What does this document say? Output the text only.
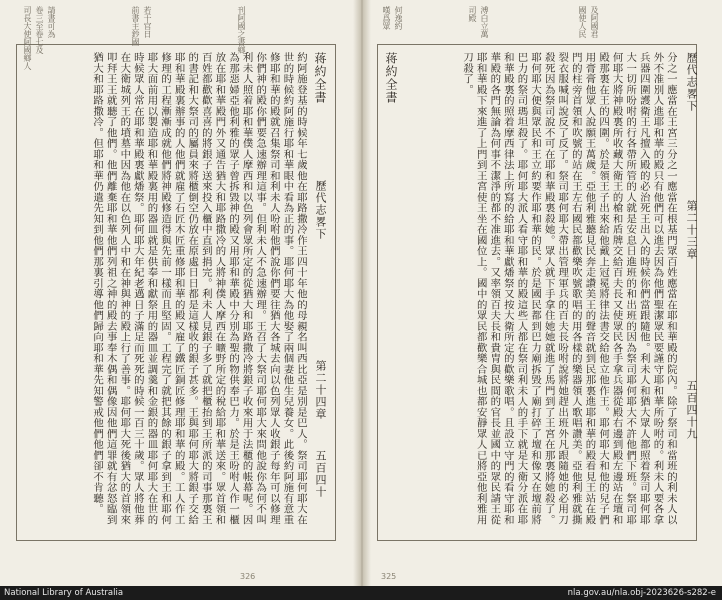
司長大使阿國鄉人 卷三至卷七及 請書可為	前書主鈔國 若干官日	刊阿國之書鄉
蒋約全書
歷代志畧下
第二十四章
五百四十
約阿施登基的時候年七歲他在耶路撒冷作王四十年他的母親名叫西比亞是別是巴人。祭司耶何耶大在世的時候約阿施行耶和華眼中看為正的事。耶何耶大為他娶了兩個妻他生兒養女。此後約阿施有意重修耶和華的殿就召集祭司和利未人吩咐他們說你們要往猶大各城去向以色列眾人收銀子每年可以修理你們神的殿你們要急速辦理這事。但利未人不急速辦理。王召了大祭司耶何耶大來問他說你為何不叫利未人照着耶和華僕人摩西和以色列會眾所定的從猶大和耶路撒冷將銀子收來用于法櫃的帳幕呢。因為那惡婦亞他利雅的眾子曾拆毀神的殿又用耶和華殿中分別為聖的物供奉巴力。於是王吩咐人作一櫃放在耶和華殿門外又通告猶大和耶路撒冷的人將神僕人摩西在曠野所定的稅給耶和華送來。眾首領和百姓都歡歡喜喜的將銀子送來投入櫃中直到捐完。利未人見銀子多了就把櫃抬到王所派的司事那裏王的書記和大祭司的屬員來將櫃倒空仍放在原處日日都是這樣收的銀子甚多。王與耶何耶大將銀子交給耶和華殿裏辦事的人他們就雇了石匠木匠重修耶和華的殿又雇了鐵匠銅匠修理耶和華的殿。工人作工修理的工程漸漸成就他們將神殿修造得與先前一樣而且堅固。工程完了就把其餘的銀子拿到王和耶何耶大面前用以製造耶和華殿裏用的器皿就是供奉和獻祭用的器皿並調羹和金銀的器皿耶何耶大在世的時候眾人常在耶和華殿裏獻燔祭。耶何耶大年紀老邁日子滿足而死死的時候一百三十歲。眾人將他葬在大衛城列王的墳墓中因為他在以色列人中和在神與神的殿上行了善事。耶何耶大死後猶大的首領來叩拜王王就聽了他們。他們離棄耶和華他們列祖之神的殿去事奉木偶和偶像因他們這罪就有忿怒臨到猶大和耶路撒冷。但耶和華仍遣先知到他們那裏引導他們歸向耶和華先知警戒他們他們卻不肯聽。
326
嘆爲眾 何逸約	司殿 溥白立萬	國使人民 及阿國君
蒋約全書	歷代志畧下
第二十三章
五百四十九
分之一應當在王宮三分之一應當在根基門眾百姓應當在耶和華殿的院內。除了祭司和當班的利未人以外不准別人進耶和華的殿只有他們可以進去因為他們聖潔眾民要謹守耶和華所吩咐的。利未人要各拿兵器四圍護衛王凡擅入殿的必治死王出入的時候你們當跟隨他。利未人和猶大眾人都照着祭司耶何耶大一切所吩咐的行各帶所管的人就是安息日進班的和出班的因為祭司耶何耶大不許他們下班。祭司耶何耶大將神殿裏所收藏大衛王的槍和盾牌交給百夫長又使眾民各手拿兵器從殿右邊到殿左邊站在壇和殿那裏在王的四圍。於是領王子出來給他戴上冠冕將律法書交給他立他作王。耶何耶大和他的兒子們用膏膏他眾人說願王萬歲。亞他利雅聽見民奔走讚美王的聲音就到民那裏進耶和華的殿看見王站在殿門的柱旁首領和吹號的站在王左右國民都歡樂吹號歌唱的用各樣的樂器領人歌唱讚美。亞他利雅就撕裂衣服喊叫說反了反了。祭司耶何耶大帶出管理軍兵的百夫長吩咐說將她趕出班外凡跟隨她的必用刀殺死因為祭司說不可在耶和華殿裏殺她。眾人就下手拿住她她就進了馬門到了王宮在那裏將她殺了。耶何耶大便與眾民和王立約要作耶和華的民。於是國民都到巴力廟拆毀了廟打碎了壇和像又在壇前將巴力的祭司瑪坦殺了。耶何耶大派人看守耶和華的殿這些人都在祭司利未人的手下就是大衛分派在耶和華殿裏的照着摩西律法上所寫的給耶和華獻燔祭又按大衛所定的歡樂歌唱。且設立守門的看守耶和華殿的各門無論為何事不潔淨的都不准進去。又率領百夫長和貴冑與民間的官長並國中的眾民請王從耶和華殿下來進了上門到王宮使王坐在國位上。國中的眾民都歡樂合城也都安靜眾人已將亞他利雅用刀殺了。
325
National Library of Australia	nla.gov.au/nla.obj-2023626-s282-e
